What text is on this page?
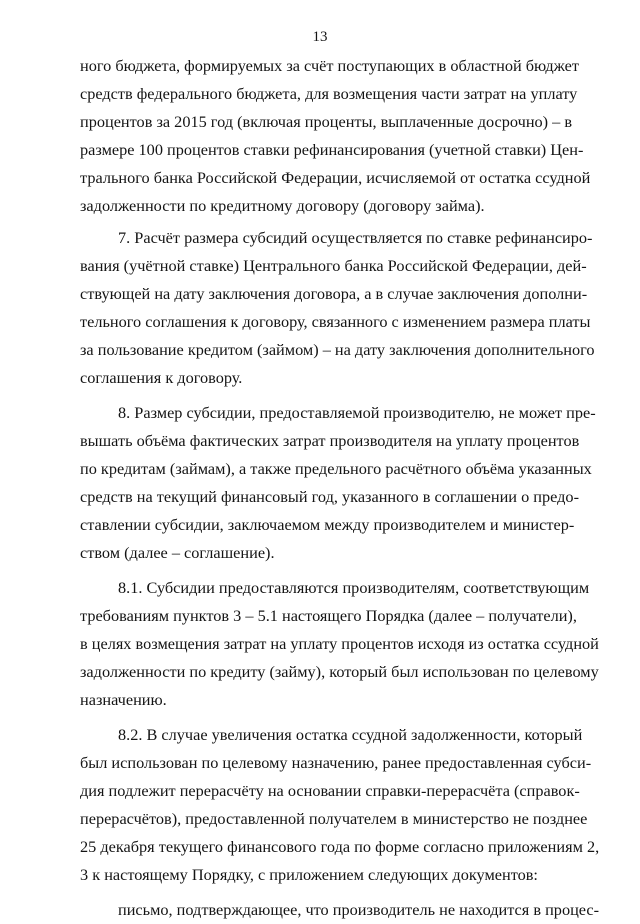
13

ного бюджета, формируемых за счёт поступающих в областной бюджет
средств федерального бюджета, для возмещения части затрат на уплату
процентов за 2015 год (включая проценты, выплаченные досрочно) – в
размере 100 процентов ставки рефинансирования (учетной ставки) Цен-
трального банка Российской Федерации, исчисляемой от остатка ссудной
задолженности по кредитному договору (договору займа).

7. Расчёт размера субсидий осуществляется по ставке рефинансиро-
вания (учётной ставке) Центрального банка Российской Федерации, дей-
ствующей на дату заключения договора, а в случае заключения дополни-
тельного соглашения к договору, связанного с изменением размера платы
за пользование кредитом (займом) – на дату заключения дополнительного
соглашения к договору.

8. Размер субсидии, предоставляемой производителю, не может пре-
вышать объёма фактических затрат производителя на уплату процентов
по кредитам (займам), а также предельного расчётного объёма указанных
средств на текущий финансовый год, указанного в соглашении о предо-
ставлении субсидии, заключаемом между производителем и министер-
ством (далее – соглашение).

8.1. Субсидии предоставляются производителям, соответствующим
требованиям пунктов 3 – 5.1 настоящего Порядка (далее – получатели),
в целях возмещения затрат на уплату процентов исходя из остатка ссудной
задолженности по кредиту (займу), который был использован по целевому
назначению.

8.2. В случае увеличения остатка ссудной задолженности, который
был использован по целевому назначению, ранее предоставленная субси-
дия подлежит перерасчёту на основании справки-перерасчёта (справок-
перерасчётов), предоставленной получателем в министерство не позднее
25 декабря текущего финансового года по форме согласно приложениям 2,
3 к настоящему Порядку, с приложением следующих документов:

письмо, подтверждающее, что производитель не находится в процес-
